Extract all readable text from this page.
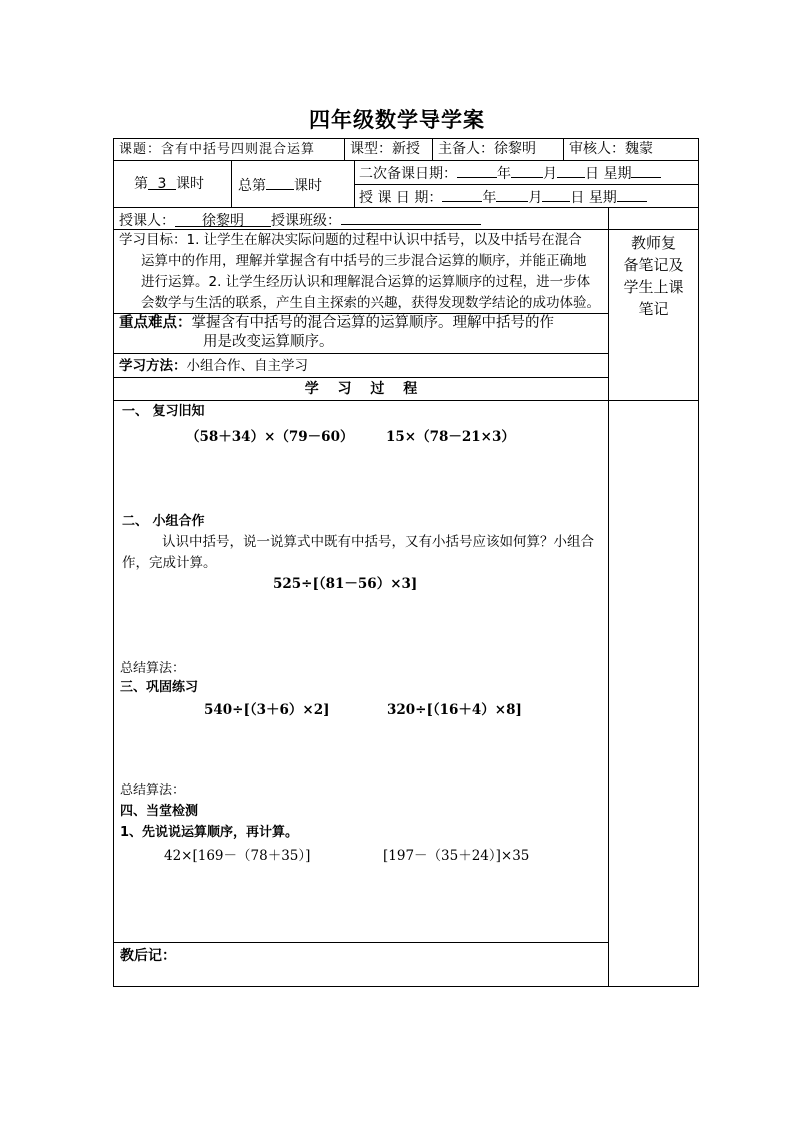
四年级数学导学案
课题：含有中括号四则混合运算 课型：新授 主备人：徐黎明 审核人：魏蒙
第 3 课时 总第 课时
二次备课日期：	年 月 日 星期
授 课 日 期：	年 月 日 星期
授课人： 徐黎明 授课班级：
学习目标：1. 让学生在解决实际问题的过程中认识中括号，以及中括号在混合
运算中的作用，理解并掌握含有中括号的三步混合运算的顺序，并能正确地
进行运算。2. 让学生经历认识和理解混合运算的运算顺序的过程，进一步体
会数学与生活的联系，产生自主探索的兴趣，获得发现数学结论的成功体验。
重点难点：掌握含有中括号的混合运算的运算顺序。理解中括号的作
用是改变运算顺序。
学习方法：小组合作、自主学习
学 习 过 程
教师复
备笔记及
学生上课
笔记
一、 复习旧知
（58＋34）×（79－60） 15×（78－21×3）
二、 小组合作
认识中括号，说一说算式中既有中括号，又有小括号应该如何算？小组合
作，完成计算。
525÷[（81－56）×3]
总结算法：
三、巩固练习
540÷[（3＋6）×2]	320÷[（16＋4）×8]
总结算法：
四、当堂检测
1、先说说运算顺序，再计算。
42×[169－（78＋35）]	[197－（35＋24）]×35
教后记：
